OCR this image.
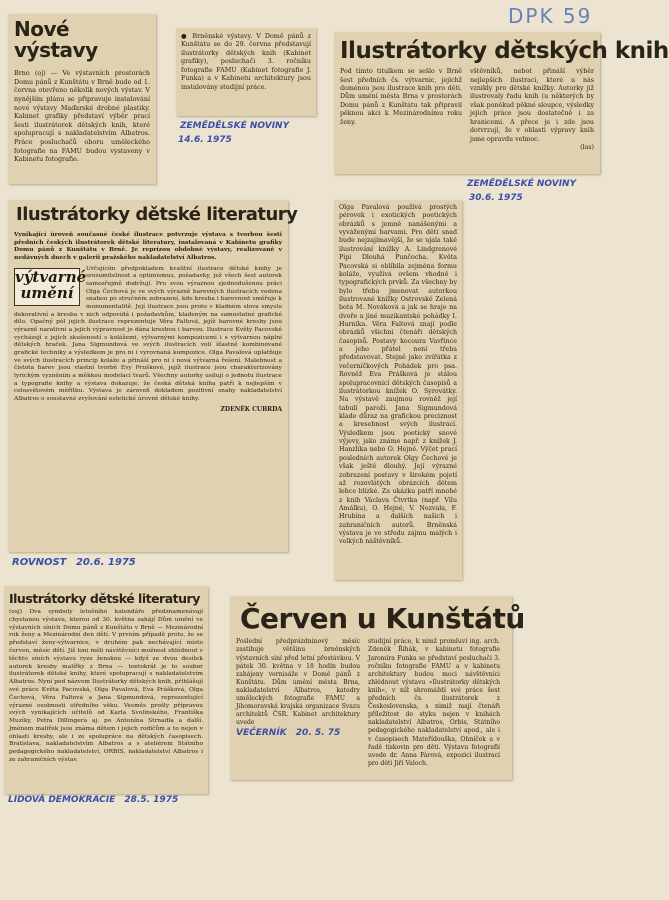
DPK 59
Nové výstavy
Brno (oj) — Ve výstavních prostorách Domu pánů z Kunštátu v Brně bude od 1. června otevřeno několik nových výstav. V nynějším plánu se připravuje instalování nové výstavy Maďarské drobné plastiky. Kabinet grafiky představí výběr prací šesti ilustrátorek dětských knih, které spolupracují s nakladatelstvím Albatros. Práce posluchačů oboru uměleckého fotografie na FAMU budou vystaveny v Kabinetu fotografie.
● Brněnské výstavy. V Domě pánů z Kunštátu se do 29. června představují ilustrátorky dětských knih (Kabinet grafiky), posluchači 3. ročníku fotografie FAMU (Kabinet fotografie J. Funka) a v Kabinetu architektury jsou instalovány studijní práce.
ZEMĚDĚLSKÉ NOVINY
14.6. 1975
Ilustrátorky dětských knih
Pod tímto titulkem se sešlo v Brně šest předních čs. výtvarnic, jejichž doménou jsou ilustrace knih pro děti. Dům umění města Brna v prostorách Domu pánů z Kunštátu tak připravil pěknou akci k Mezinárodnímu roku ženy.
vštěvníků, nebot přináší výběr nejlepších ilustrací, které u nás vznikly pro dětské knížky. Autorky již ilustrovaly řadu knih (u některých by však poněkud pěkné sloupce, výsledky jejich práce jsou dostatečně i za hranicemi. A přece je i zde jsou dotvrzují, že v oblasti výpravy knih jsme opravdu velmoc.
(las)
ZEMĚDĚLSKÉ NOVINY
30.6. 1975
Ilustrátorky dětské literatury
Vynikající úroveň současné české ilustrace potvrzuje výstava s tvorbou šesti předních českých ilustrátorek dětské literatury, instalovaná v Kabinetu grafiky Domu pánů z Kunštátu v Brně. Je reprízou obdobné výstavy, realizované v nedávných dnech v galerii pražského nakladatelství Albatros.
výtvarné umění
Určujícím předpokladem kvalitní ilustrace dětské knihy je srozumitelnost a optimismus, požadavky, jež všech šest autorek samozřejmě dodržují. Pro svou výraznou zjednodušenou práci Olga Čechová je ve svých výrazně barevných ilustracích vedena snahou po stručném zobrazení, kde kresba i barevnost směřuje k monumentalitě. Její ilustrace jsou proto v kladném slova smyslu dekorativní a kresba v nich odpovídá i požadavkům, kladeným na samostatné grafické dílo. Opačný pól jejich ilustrace reprezentuje Věra Faltová, jejíž barevné kresby jsou výrazně narativní a jejich výpravnost je dána kresbou i barvou. Ilustrace Květy Pacovské vycházejí z jejích zkušeností s kolážemi, výtvarnými kompozicemi i s výtvarnou náplní dětských hraček. Jana Sigmundová ve svých ilustracích volí šťastně kombinované grafické techniky a výsledkem je pro ni i vyrovnaná kompozice. Olga Pavalová uplatňuje ve svých ilustracích princip koláže a přináší pro ni i nová výtvarná řešení. Malebnost a čistota barev jsou vlastní tvorbě Evy Pruškové, jejíž ilustrace jsou charakterizovány lyrickým vyzněním a měkkou modelací tvarů. Všechny autorky usilují o jednotu ilustrace a typografie knihy a výstava dokazuje, že česká dětská kniha patří k nejlepším v celosvětovém měřítku. Výstava je zároveň dokladem pozitivní snahy nakladatelství Albatros o soustavné zvyšování estetické úrovně dětské knihy.
ZDENĚK CUBRDA
ROVNOST 20.6. 1975
Olga Pavalová používá prostých pérovek i exotických poetických obrázků s jemně nanášenými a vyváženými barvami. Pro děti snad bude nejzajímavější, že se ujala také ilustrování knížky A. Lindgrenové Pipi Dlouhá Punčocha. Květa Pacovská si oblíbila zejména formu koláže, využívá ovšem vhodně i typografických prvků. Za všechny by bylo třeba jmenovat autorkou ilustrované knížky Ostrovské Zelená bota M. Nováková a jak se hraje na dvoře a jiné muzikantské pohádky I. Hurníka. Věra Faltová znají podle obrázků všichni čtenáři dětských časopisů. Postavy kocoura Vavřince a jeho přátel není třeba představovat. Stejně jako zvířátka z večerníčkových Pohádek pro psa. Rovněž Eva Prášková je stálou spolupracovnicí dětských časopisů a ilustrátorkou knížek O. Syrovátky. Na výstavě zaujmou rovněž její tabulí paroží. Jana Sigmundová klade důraz na grafickou preciznost a kresebnost svých ilustrací. Výsledkem jsou poetický snové výjevy, jako známe např. z knížek J. Hanzlíka nebo O. Hejné. Výčet prací posledních autorek Olgy Čechové je však ještě dlouhý. Její výrazné zobrazení postavy v širokém pojetí až rozevlátých obrázcích dětem lehce blízké. Za ukázku patří mnohé z knih Václava Čtvrtka (např. Vílu Amálku), O. Hejné, V. Nezvala, F. Hrubína a dalších našich i zahraničních autorů. Brněnská výstava je ve středu zájmu malých i velkých náštěvníků.
Ilustrátorky dětské literatury
(osj) Dva symboly letošního kalendáře předznamenávají chystanou výstavu, kterou od 30. května zahájí Dům umění ve výstavních síních Domu pánů z Kunštátu v Brně — Mezinárodní rok ženy a Mezinárodní den dětí. V prvním případě proto, že se představí ženy-výtvarnice, v druhém pak nechávající místo červen, měsíc dětí. Již loni měli návštěvníci možnost shlédnout v těchto síních výstavu ryze ženskou — když ze dvou desítek autorek kresby malířky z Brna — tentokrát je to soubor ilustrátorek dětské knihy, které spolupracují s nakladatelstvím Albatros. Nyní pod názvem Ilustrátorky dětských knih, přihlášují své práce Květa Pacovská, Olga Pavalová, Eva Prášková, Olga Čechová, Věra Faltová a Jana Sigmundová, reprezentující výrazné osobnosti středního věku. Vesměs prošly přípravou svých vynikajících učitelů od Karla Svolinského, Františka Muzíky, Petra Dillingera aj. po Antonína Strnadla a další. Jménem malířek jsou známa dětem i jejich rodičům a to nejen v oblasti kresby, ale i ze spolupráce na dětských časopisech. Bratislava, nakladatelstvím Albatros a s ateliérem Státního pedagogického nakladatelství, ORBIS, nakladatelství Albatros i ze zahraničních výstav.
LIDOVÁ DEMOKRACIE 28.5. 1975
Červen u Kunštátů
Poslední předprázdninový měsíc zastihuje většinu brněnských výstavních síní před letní přestávkou. V pátek 30. května v 18 hodin budou zahájeny vernisáže v Domě pánů z Kunštátu. Dům umění města Brna, nakladatelství Albatros, katedry uměleckých fotografie FAMU a Jihomoravská krajská organizace Svazu architektů ČSR. Kabinet architektury uvede
studijní práce, k nimž promluví ing. arch. Zdeněk Říhák, v kabinetu fotografie Jaromíra Funka se představí posluchači 3. ročníku fotografie FAMU a v kabinetu architektury budou moci návštěvníci zhlédnout výstavu »Ilustrátorky dětských knih«, v níž shromáždí své práce šest předních čs. ilustrátorek z Československa, s nimiž mají čtenáři příležitost do styku nejen v knihách nakladatelství Albatros, Orbis, Státního pedagogického nakladatelství apod., ale i v časopisech Mateřídouška, Ohníček a v řadě tiskovin pro děti. Výstavu fotografií uvede dr. Anna Fárová, expozici ilustrací pro děti Jiří Valoch.
VEČERNÍK 20. 5. 75
